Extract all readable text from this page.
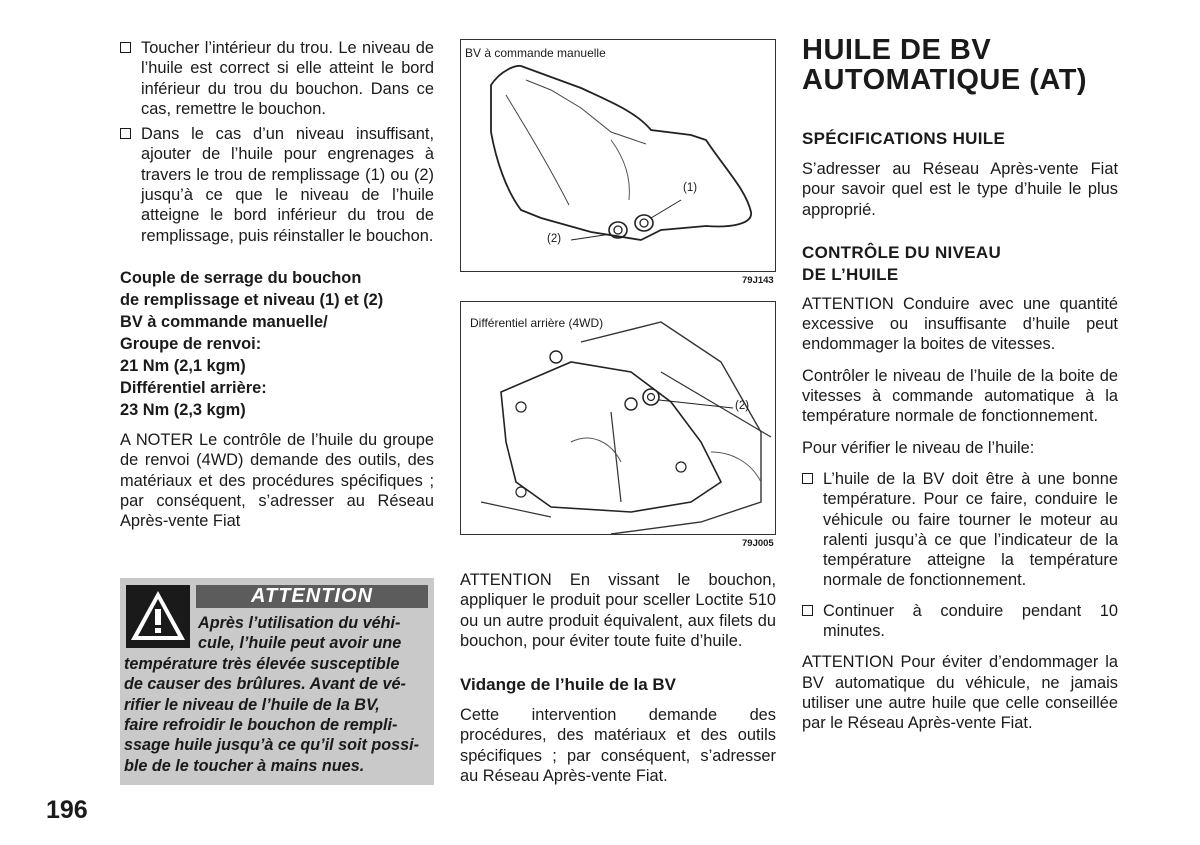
Toucher l’intérieur du trou. Le niveau de l’huile est correct si elle atteint le bord inférieur du trou du bouchon. Dans ce cas, remettre le bouchon.

Dans le cas d’un niveau insuffisant, ajouter de l’huile pour engrenages à travers le trou de remplissage (1) ou (2) jusqu’à ce que le niveau de l’huile atteigne le bord inférieur du trou de remplissage, puis réinstaller le bouchon.

Couple de serrage du bouchon
de remplissage et niveau (1) et (2)
BV à commande manuelle/
Groupe de renvoi:
21 Nm (2,1 kgm)
Différentiel arrière:
23 Nm (2,3 kgm)

A NOTER Le contrôle de l’huile du groupe de renvoi (4WD) demande des outils, des matériaux et des procédures spécifiques ; par conséquent, s’adresser au Réseau Après-vente Fiat

ATTENTION
Après l’utilisation du véhi-
cule, l’huile peut avoir une
température très élevée susceptible
de causer des brûlures. Avant de vé-
rifier le niveau de l’huile de la BV,
faire refroidir le bouchon de rempli-
ssage huile jusqu’à ce qu’il soit possi-
ble de le toucher à mains nues.
BV à commande manuelle
(1)
(2)
79J143
Différentiel arrière (4WD)
(2)
79J005

ATTENTION En vissant le bouchon, appliquer le produit pour sceller Loctite 510 ou un autre produit équivalent, aux filets du bouchon, pour éviter toute fuite d’huile.

Vidange de l’huile de la BV

Cette intervention demande des procédures, des matériaux et des outils spécifiques ; par conséquent, s’adresser au Réseau Après-vente Fiat.

HUILE DE BV
AUTOMATIQUE (AT)
SPÉCIFICATIONS HUILE

S’adresser au Réseau Après-vente Fiat pour savoir quel est le type d’huile le plus approprié.

CONTRÔLE DU NIVEAU
DE L’HUILE

ATTENTION Conduire avec une quantité excessive ou insuffisante d’huile peut endommager la boites de vitesses.

Contrôler le niveau de l’huile de la boite de vitesses à commande automatique à la température normale de fonctionnement.

Pour vérifier le niveau de l’huile:

L’huile de la BV doit être à une bonne température. Pour ce faire, conduire le véhicule ou faire tourner le moteur au ralenti jusqu’à ce que l’indicateur de la température atteigne la température normale de fonctionnement.

Continuer à conduire pendant 10 minutes.

ATTENTION Pour éviter d’endommager la BV automatique du véhicule, ne jamais utiliser une autre huile que celle conseillée par le Réseau Après-vente Fiat.

196
